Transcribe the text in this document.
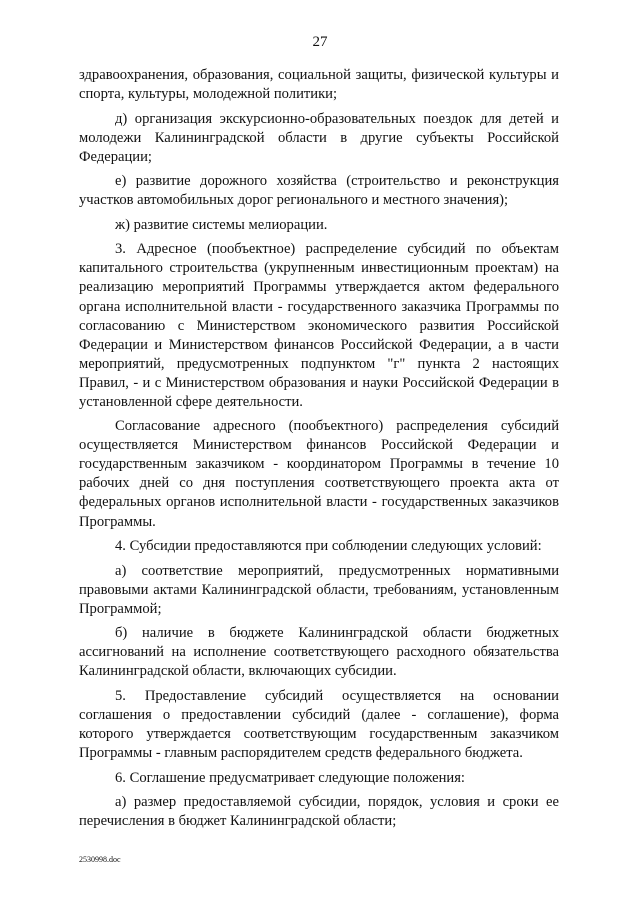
27

здравоохранения, образования, социальной защиты, физической культуры и спорта, культуры, молодежной политики;

д) организация экскурсионно-образовательных поездок для детей и молодежи Калининградской области в другие субъекты Российской Федерации;

е) развитие дорожного хозяйства (строительство и реконструкция участков автомобильных дорог регионального и местного значения);

ж) развитие системы мелиорации.

3. Адресное (пообъектное) распределение субсидий по объектам капитального строительства (укрупненным инвестиционным проектам) на реализацию мероприятий Программы утверждается актом федерального органа исполнительной власти - государственного заказчика Программы по согласованию с Министерством экономического развития Российской Федерации и Министерством финансов Российской Федерации, а в части мероприятий, предусмотренных подпунктом "г" пункта 2 настоящих Правил, - и с Министерством образования и науки Российской Федерации в установленной сфере деятельности.

Согласование адресного (пообъектного) распределения субсидий осуществляется Министерством финансов Российской Федерации и государственным заказчиком - координатором Программы в течение 10 рабочих дней со дня поступления соответствующего проекта акта от федеральных органов исполнительной власти - государственных заказчиков Программы.

4. Субсидии предоставляются при соблюдении следующих условий:

а) соответствие мероприятий, предусмотренных нормативными правовыми актами Калининградской области, требованиям, установленным Программой;

б) наличие в бюджете Калининградской области бюджетных ассигнований на исполнение соответствующего расходного обязательства Калининградской области, включающих субсидии.

5. Предоставление субсидий осуществляется на основании соглашения о предоставлении субсидий (далее - соглашение), форма которого утверждается соответствующим государственным заказчиком Программы - главным распорядителем средств федерального бюджета.

6. Соглашение предусматривает следующие положения:

а) размер предоставляемой субсидии, порядок, условия и сроки ее перечисления в бюджет Калининградской области;

2530998.doc
